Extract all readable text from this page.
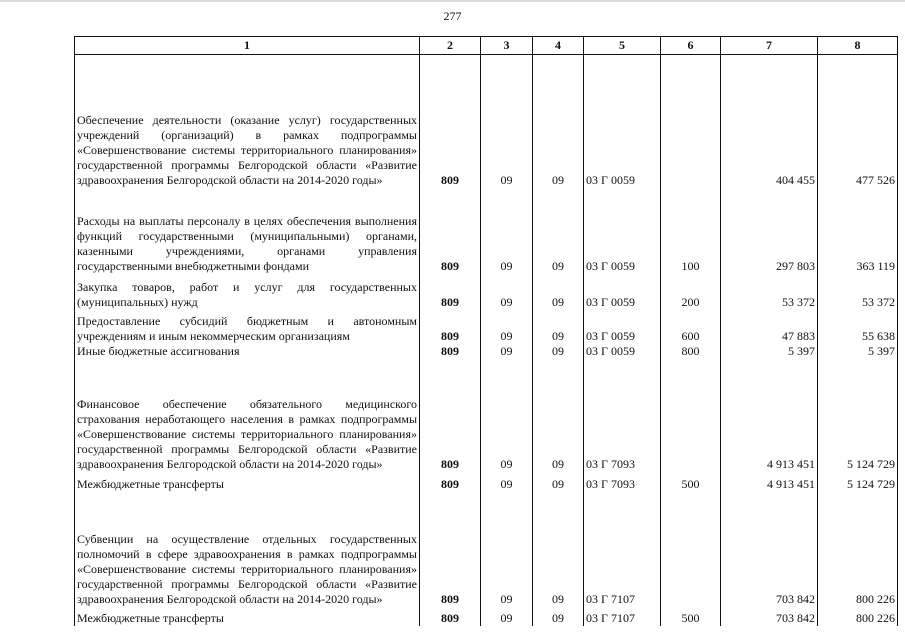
277
1	2	3	4	5	6	7	8
Обеспечение деятельности (оказание услуг) государственных учреждений (организаций) в рамках подпрограммы «Совершенствование системы территориального планирования» государственной программы Белгородской области «Развитие здравоохранения Белгородской области на 2014-2020 годы»	809	09	09	03 Г 0059		404 455	477 526
Расходы на выплаты персоналу в целях обеспечения выполнения функций государственными (муниципальными) органами, казенными учреждениями, органами управления государственными внебюджетными фондами	809	09	09	03 Г 0059	100	297 803	363 119
Закупка товаров, работ и услуг для государственных (муниципальных) нужд	809	09	09	03 Г 0059	200	53 372	53 372
Предоставление субсидий бюджетным и автономным учреждениям и иным некоммерческим организациям	809	09	09	03 Г 0059	600	47 883	55 638
Иные бюджетные ассигнования	809	09	09	03 Г 0059	800	5 397	5 397
Финансовое обеспечение обязательного медицинского страхования неработающего населения в рамках подпрограммы «Совершенствование системы территориального планирования» государственной программы Белгородской области «Развитие здравоохранения Белгородской области на 2014-2020 годы»	809	09	09	03 Г 7093		4 913 451	5 124 729
Межбюджетные трансферты	809	09	09	03 Г 7093	500	4 913 451	5 124 729
Субвенции на осуществление отдельных государственных полномочий в сфере здравоохранения в рамках подпрограммы «Совершенствование системы территориального планирования» государственной программы Белгородской области «Развитие здравоохранения Белгородской области на 2014-2020 годы»	809	09	09	03 Г 7107		703 842	800 226
Межбюджетные трансферты	809	09	09	03 Г 7107	500	703 842	800 226
